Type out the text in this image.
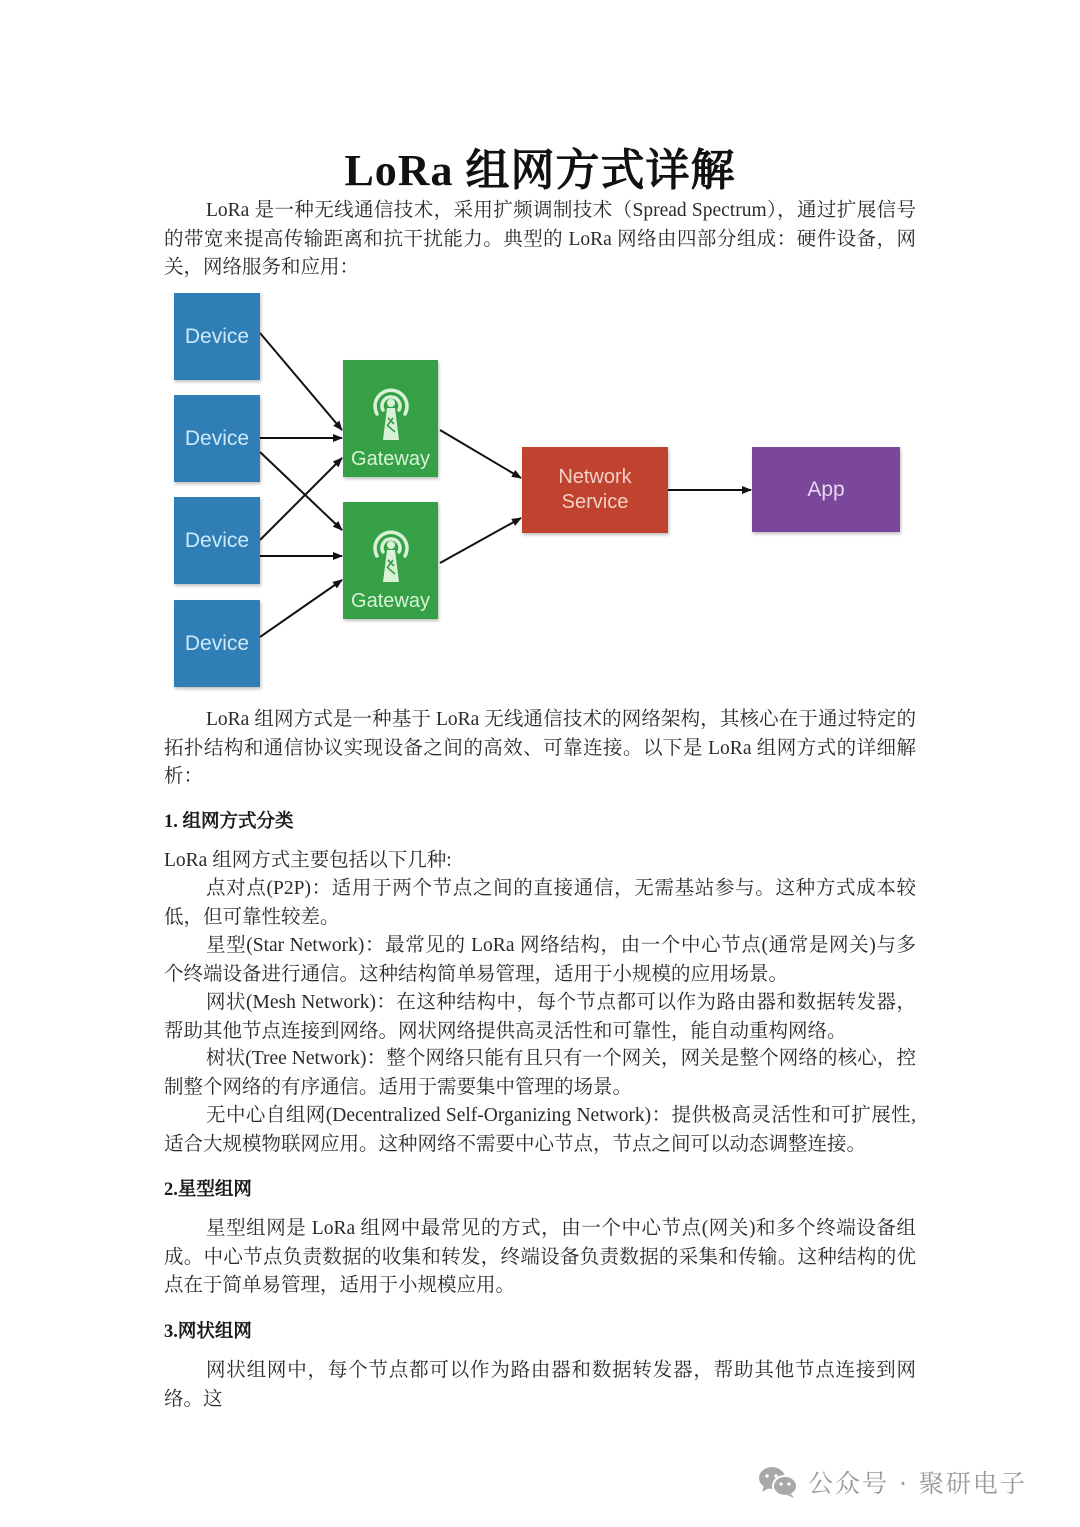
LoRa 组网方式详解
LoRa 是一种无线通信技术，采用扩频调制技术（Spread Spectrum），通过扩展信号的带宽来提高传输距离和抗干扰能力。典型的 LoRa 网络由四部分组成：硬件设备，网关，网络服务和应用：
Device
Device
Device
Device
Gateway
Gateway
Network
Service
App
LoRa 组网方式是一种基于 LoRa 无线通信技术的网络架构，其核心在于通过特定的拓扑结构和通信协议实现设备之间的高效、可靠连接。以下是 LoRa 组网方式的详细解析：
1. 组网方式分类
LoRa 组网方式主要包括以下几种:
点对点(P2P)：适用于两个节点之间的直接通信，无需基站参与。这种方式成本较低，但可靠性较差。
星型(Star Network)：最常见的 LoRa 网络结构，由一个中心节点(通常是网关)与多个终端设备进行通信。这种结构简单易管理，适用于小规模的应用场景。
网状(Mesh Network)：在这种结构中，每个节点都可以作为路由器和数据转发器，帮助其他节点连接到网络。网状网络提供高灵活性和可靠性，能自动重构网络。
树状(Tree Network)：整个网络只能有且只有一个网关，网关是整个网络的核心，控制整个网络的有序通信。适用于需要集中管理的场景。
无中心自组网(Decentralized Self-Organizing Network)：提供极高灵活性和可扩展性,适合大规模物联网应用。这种网络不需要中心节点，节点之间可以动态调整连接。
2.星型组网
星型组网是 LoRa 组网中最常见的方式，由一个中心节点(网关)和多个终端设备组成。中心节点负责数据的收集和转发，终端设备负责数据的采集和传输。这种结构的优点在于简单易管理，适用于小规模应用。
3.网状组网
网状组网中，每个节点都可以作为路由器和数据转发器，帮助其他节点连接到网络。这
公众号 · 聚研电子
